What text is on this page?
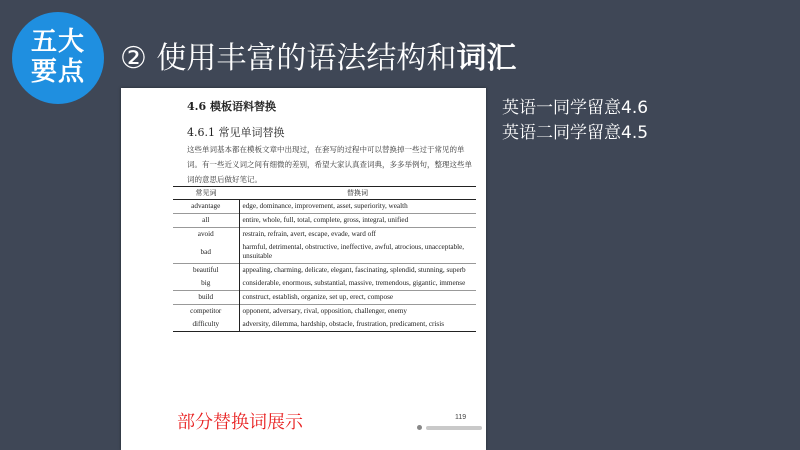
五大
要点 ② 使用丰富的语法结构和词汇
4.6 模板语料替换
4.6.1 常见单词替换
这些单词基本都在模板文章中出现过，在套写的过程中可以替换掉一些过于常见的单词。有一些近义词之间有细微的差别，希望大家认真查词典，多多举例句，整理这些单词的意思后做好笔记。
常见词	替换词
advantage	edge, dominance, improvement, asset, superiority, wealth
all	entire, whole, full, total, complete, gross, integral, unified
avoid	restrain, refrain, avert, escape, evade, ward off
bad	harmful, detrimental, obstructive, ineffective, awful, atrocious, unacceptable, unsuitable
beautiful	appealing, charming, delicate, elegant, fascinating, splendid, stunning, superb
big	considerable, enormous, substantial, massive, tremendous, gigantic, immense
build	construct, establish, organize, set up, erect, compose
competitor	opponent, adversary, rival, opposition, challenger, enemy
difficulty	adversity, dilemma, hardship, obstacle, frustration, predicament, crisis
部分替换词展示	119
英语一同学留意4.6
英语二同学留意4.5
